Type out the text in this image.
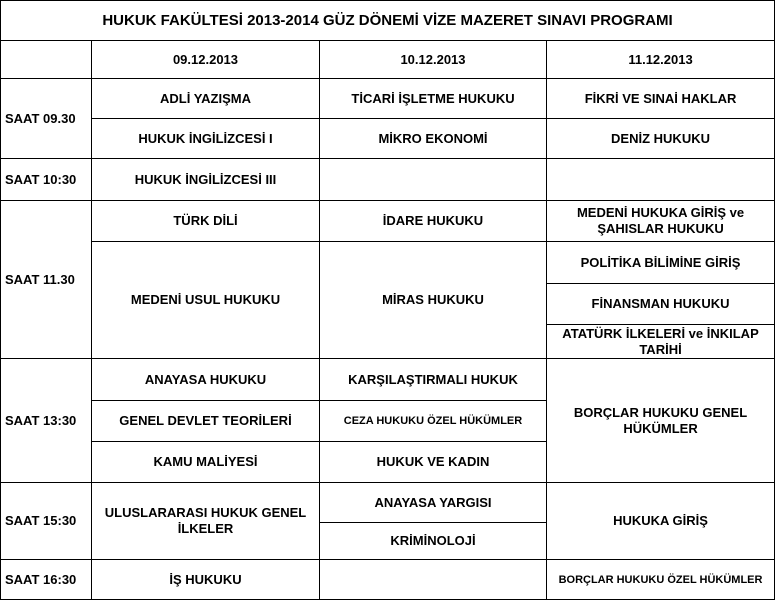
HUKUK FAKÜLTESİ 2013-2014 GÜZ DÖNEMİ VİZE MAZERET SINAVI PROGRAMI			
	09.12.2013	10.12.2013	11.12.2013
SAAT 09.30	ADLİ YAZIŞMA	TİCARİ İŞLETME HUKUKU	FİKRİ VE SINAİ HAKLAR
	HUKUK İNGİLİZCESİ I	MİKRO EKONOMİ	DENİZ HUKUKU
SAAT 10:30	HUKUK İNGİLİZCESİ III		
SAAT 11.30	TÜRK DİLİ	İDARE HUKUKU	MEDENİ HUKUKA GİRİŞ ve ŞAHISLAR HUKUKU
	MEDENİ USUL HUKUKU	MİRAS HUKUKU	POLİTİKA BİLİMİNE GİRİŞ
			FİNANSMAN HUKUKU
			ATATÜRK İLKELERİ ve İNKILAP TARİHİ

SAAT 13:30	ANAYASA HUKUKU	KARŞILAŞTIRMALI HUKUK	BORÇLAR HUKUKU GENEL HÜKÜMLER
	GENEL DEVLET TEORİLERİ	CEZA HUKUKU ÖZEL HÜKÜMLER	
	KAMU MALİYESİ	HUKUK VE KADIN	
SAAT 15:30	ULUSLARARASI HUKUK GENEL İLKELER	ANAYASA YARGISI	HUKUKA GİRİŞ
		KRİMİNOLOJİ	
SAAT 16:30	İŞ HUKUKU		BORÇLAR HUKUKU ÖZEL HÜKÜMLER
